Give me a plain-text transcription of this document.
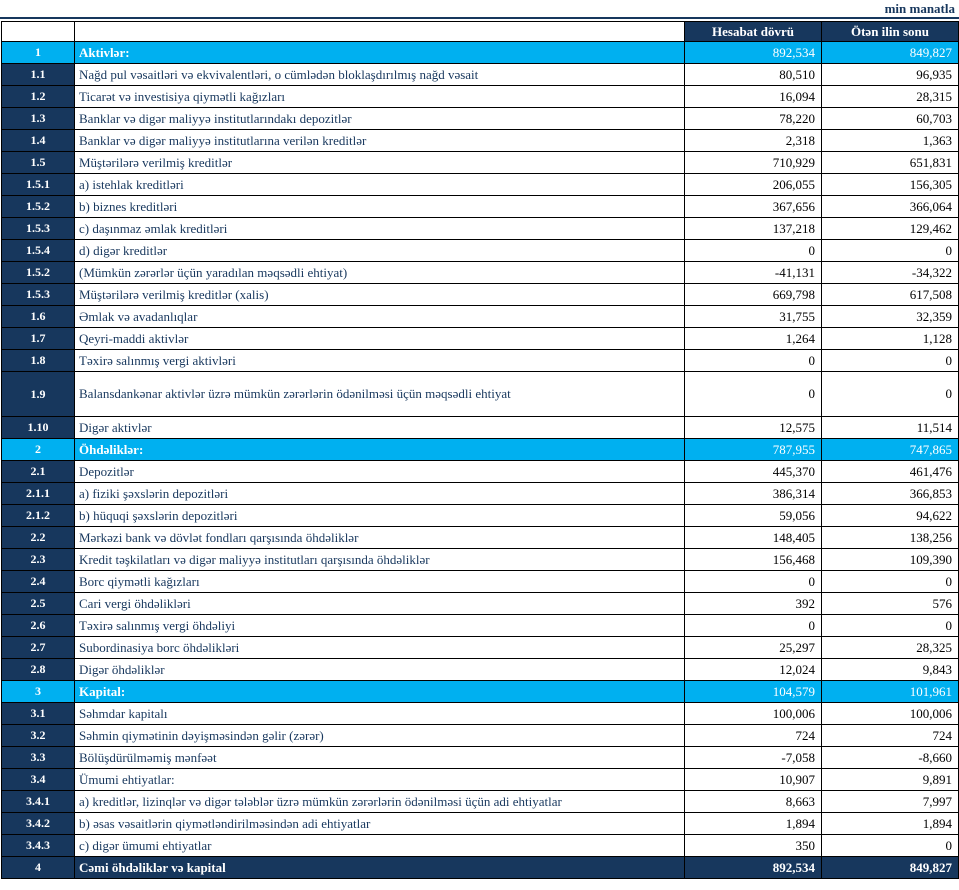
min manatla
		Hesabat dövrü	Ötən ilin sonu
1	Aktivlər:	892,534	849,827
1.1	Nağd pul vəsaitləri və ekvivalentləri, o cümlədən bloklaşdırılmış nağd vəsait	80,510	96,935
1.2	Ticarət və investisiya qiymətli kağızları	16,094	28,315
1.3	Banklar və digər maliyyə institutlarındakı depozitlər	78,220	60,703
1.4	Banklar və digər maliyyə institutlarına verilən kreditlər	2,318	1,363
1.5	Müştərilərə verilmiş kreditlər	710,929	651,831
1.5.1	a) istehlak kreditləri	206,055	156,305
1.5.2	b) biznes kreditləri	367,656	366,064
1.5.3	c) daşınmaz əmlak kreditləri	137,218	129,462
1.5.4	d) digər kreditlər	0	0
1.5.2	(Mümkün zərərlər üçün yaradılan məqsədli ehtiyat)	-41,131	-34,322
1.5.3	Müştərilərə verilmiş kreditlər (xalis)	669,798	617,508
1.6	Əmlak və avadanlıqlar	31,755	32,359
1.7	Qeyri-maddi aktivlər	1,264	1,128
1.8	Təxirə salınmış vergi aktivləri	0	0
1.9	Balansdankənar aktivlər üzrə mümkün zərərlərin ödənilməsi üçün məqsədli ehtiyat	0	0
1.10	Digər aktivlər	12,575	11,514
2	Öhdəliklər:	787,955	747,865
2.1	Depozitlər	445,370	461,476
2.1.1	a) fiziki şəxslərin depozitləri	386,314	366,853
2.1.2	b) hüquqi şəxslərin depozitləri	59,056	94,622
2.2	Mərkəzi bank və dövlət fondları qarşısında öhdəliklər	148,405	138,256
2.3	Kredit təşkilatları və digər maliyyə institutları qarşısında öhdəliklər	156,468	109,390
2.4	Borc qiymətli kağızları	0	0
2.5	Cari vergi öhdəlikləri	392	576
2.6	Təxirə salınmış vergi öhdəliyi	0	0
2.7	Subordinasiya borc öhdəlikləri	25,297	28,325
2.8	Digər öhdəliklər	12,024	9,843
3	Kapital:	104,579	101,961
3.1	Səhmdar kapitalı	100,006	100,006
3.2	Səhmin qiymətinin dəyişməsindən gəlir (zərər)	724	724
3.3	Bölüşdürülməmiş mənfəət	-7,058	-8,660
3.4	Ümumi ehtiyatlar:	10,907	9,891
3.4.1	a) kreditlər, lizinqlər və digər tələblər üzrə mümkün zərərlərin ödənilməsi üçün adi ehtiyatlar	8,663	7,997
3.4.2	b) əsas vəsaitlərin qiymətləndirilməsindən adi ehtiyatlar	1,894	1,894
3.4.3	c) digər ümumi ehtiyatlar	350	0
4	Cəmi öhdəliklər və kapital	892,534	849,827
